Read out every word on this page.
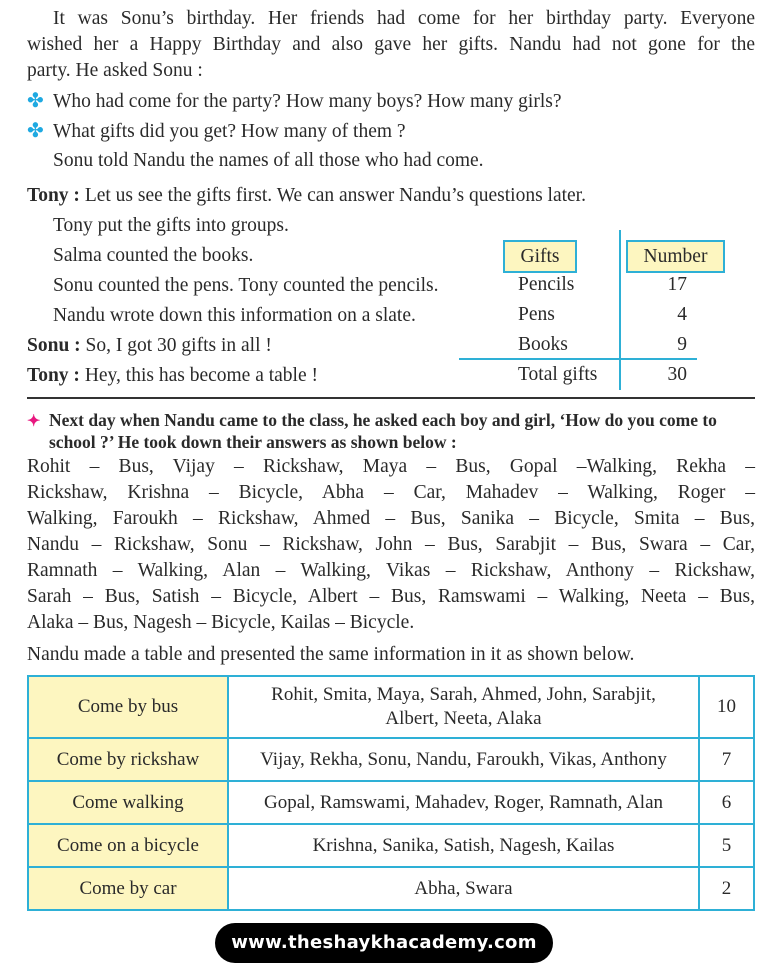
It was Sonu’s birthday. Her friends had come for her birthday party. Everyone
wished her a Happy Birthday and also gave her gifts. Nandu had not gone for the
party. He asked Sonu :
✤ Who had come for the party? How many boys? How many girls?
✤ What gifts did you get? How many of them ?
Sonu told Nandu the names of all those who had come.
Tony : Let us see the gifts first. We can answer Nandu’s questions later.
Tony put the gifts into groups.
Salma counted the books.
Sonu counted the pens. Tony counted the pencils.
Nandu wrote down this information on a slate.
Sonu : So, I got 30 gifts in all !
Tony : Hey, this has become a table !
Gifts	Number
Pencils	17
Pens	4
Books	9
Total gifts	30
✦ Next day when Nandu came to the class, he asked each boy and girl, ‘How do you come to
school ?’ He took down their answers as shown below :
Rohit – Bus, Vijay – Rickshaw, Maya – Bus, Gopal –Walking, Rekha –
Rickshaw, Krishna – Bicycle, Abha – Car, Mahadev – Walking, Roger –
Walking, Faroukh – Rickshaw, Ahmed – Bus, Sanika – Bicycle, Smita – Bus,
Nandu – Rickshaw, Sonu – Rickshaw, John – Bus, Sarabjit – Bus, Swara – Car,
Ramnath – Walking, Alan – Walking, Vikas – Rickshaw, Anthony – Rickshaw,
Sarah – Bus, Satish – Bicycle, Albert – Bus, Ramswami – Walking, Neeta – Bus,
Alaka – Bus, Nagesh – Bicycle, Kailas – Bicycle.
Nandu made a table and presented the same information in it as shown below.
Come by bus	Rohit, Smita, Maya, Sarah, Ahmed, John, Sarabjit,
Albert, Neeta, Alaka	10
Come by rickshaw	Vijay, Rekha, Sonu, Nandu, Faroukh, Vikas, Anthony	7
Come walking	Gopal, Ramswami, Mahadev, Roger, Ramnath, Alan	6
Come on a bicycle	Krishna, Sanika, Satish, Nagesh, Kailas	5
Come by car	Abha, Swara	2
www.theshaykhacademy.com
